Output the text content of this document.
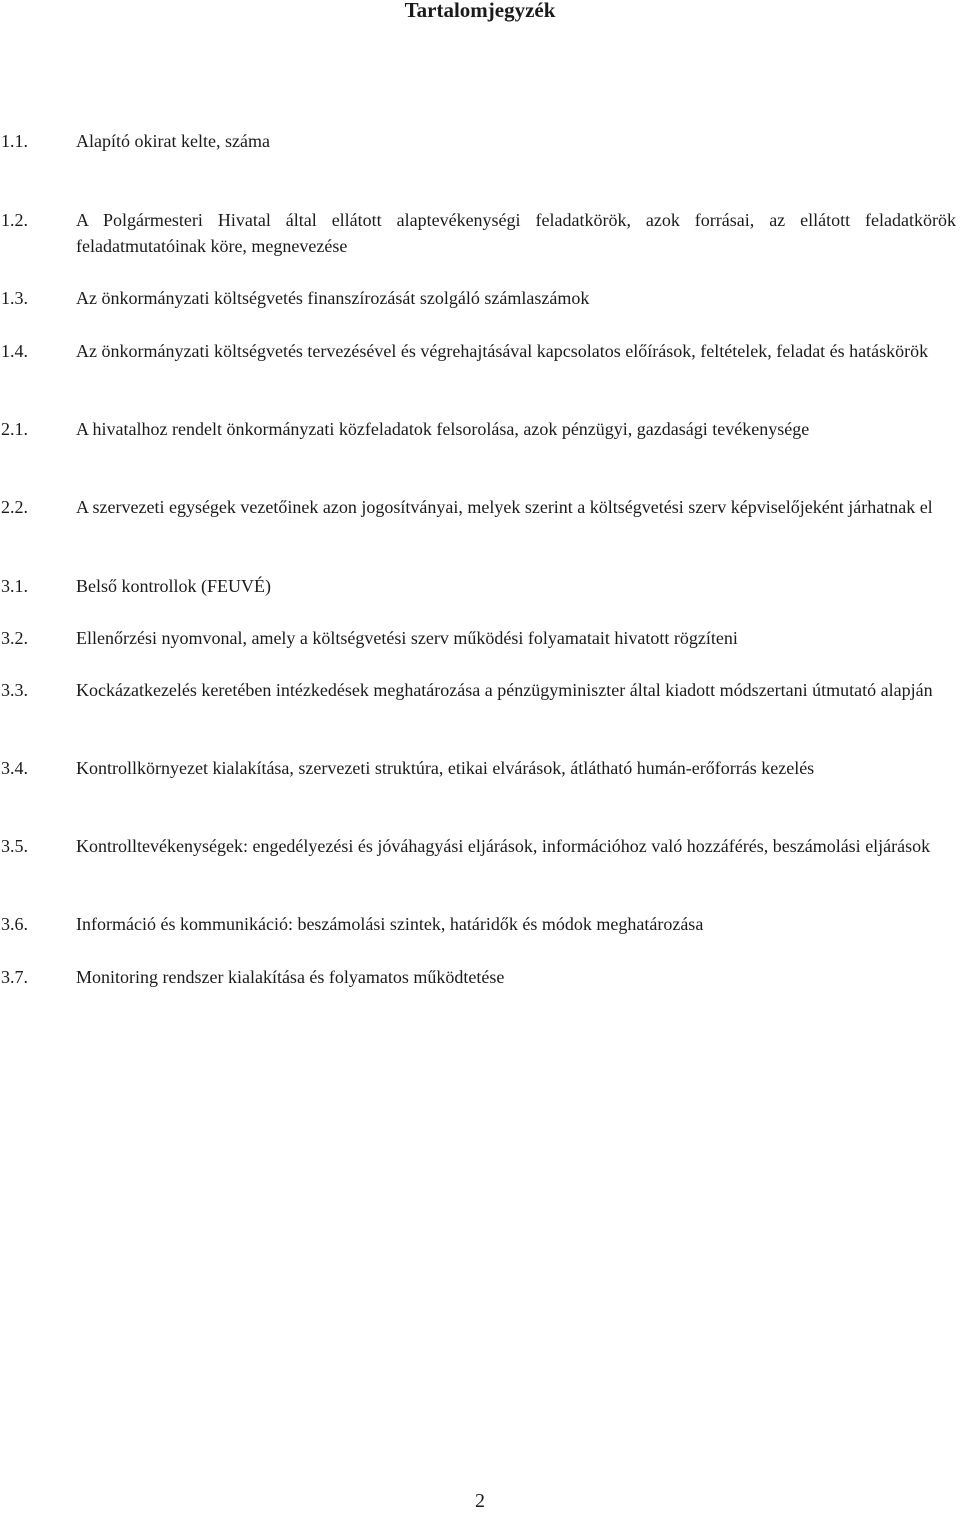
Tartalomjegyzék
1.1.	Alapító okirat kelte, száma
1.2.	A Polgármesteri Hivatal által ellátott alaptevékenységi feladatkörök, azok forrásai, az ellátott feladatkörök feladatmutatóinak köre, megnevezése
1.3.	Az önkormányzati költségvetés finanszírozását szolgáló számlaszámok
1.4.	Az önkormányzati költségvetés tervezésével és végrehajtásával kapcsolatos előírások, feltételek, feladat és hatáskörök
2.1.	A hivatalhoz rendelt önkormányzati közfeladatok felsorolása, azok pénzügyi, gazdasági tevékenysége
2.2.	A szervezeti egységek vezetőinek azon jogosítványai, melyek szerint a költségvetési szerv képviselőjeként járhatnak el
3.1.	Belső kontrollok (FEUVÉ)
3.2.	Ellenőrzési nyomvonal, amely a költségvetési szerv működési folyamatait hivatott rögzíteni
3.3.	Kockázatkezelés keretében intézkedések meghatározása a pénzügyminiszter által kiadott módszertani útmutató alapján
3.4.	Kontrollkörnyezet kialakítása, szervezeti struktúra, etikai elvárások, átlátható humán-erőforrás kezelés
3.5.	Kontrolltevékenységek: engedélyezési és jóváhagyási eljárások, információhoz való hozzáférés, beszámolási eljárások
3.6.	Információ és kommunikáció: beszámolási szintek, határidők és módok meghatározása
3.7.	Monitoring rendszer kialakítása és folyamatos működtetése
2
